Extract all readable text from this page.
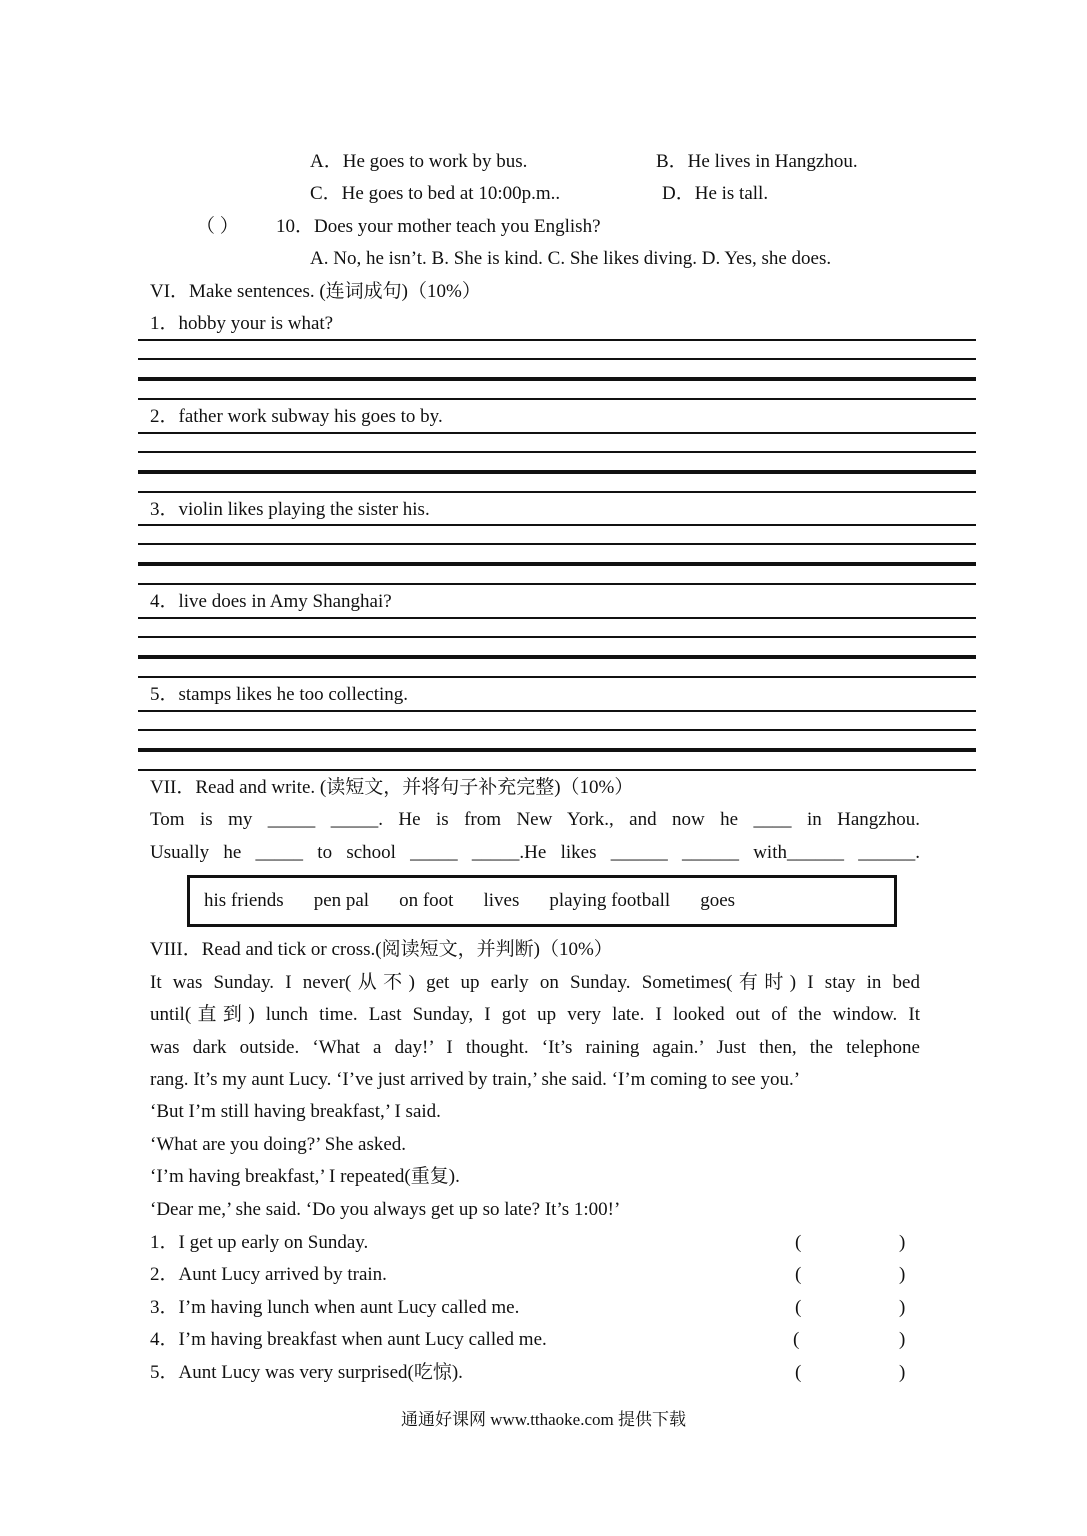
A．He goes to work by bus.	B．He lives in Hangzhou.
C．He goes to bed at 10:00p.m..	D．He is tall.
（ ） 10．Does your mother teach you English?
A. No, he isn’t. B. She is kind. C. She likes diving. D. Yes, she does.
VI．Make sentences. (连词成句)（10%）
1．hobby your is what?
2．father work subway his goes to by.
3．violin likes playing the sister his.
4．live does in Amy Shanghai?
5．stamps likes he too collecting.
VII．Read and write. (读短文，并将句子补充完整)（10%）
Tom is my _____ _____. He is from New York., and now he ____ in Hangzhou.
Usually he _____ to school _____ _____.He likes ______ ______ with______ ______.
his friends pen pal on foot lives playing football goes
VIII．Read and tick or cross.(阅读短文，并判断)（10%）
It was Sunday. I never(从不) get up early on Sunday. Sometimes(有时) I stay in bed
until(直到) lunch time. Last Sunday, I got up very late. I looked out of the window. It
was dark outside. ‘What a day!’ I thought. ‘It’s raining again.’ Just then, the telephone
rang. It’s my aunt Lucy. ‘I’ve just arrived by train,’ she said. ‘I’m coming to see you.’
‘But I’m still having breakfast,’ I said.
‘What are you doing?’ She asked.
‘I’m having breakfast,’ I repeated(重复).
‘Dear me,’ she said. ‘Do you always get up so late? It’s 1:00!’
1．I get up early on Sunday.	(	)
2．Aunt Lucy arrived by train.	(	)
3．I’m having lunch when aunt Lucy called me.	(	)
4．I’m having breakfast when aunt Lucy called me.	(	)
5．Aunt Lucy was very surprised(吃惊).	(	)
通通好课网 www.tthaoke.com 提供下载
